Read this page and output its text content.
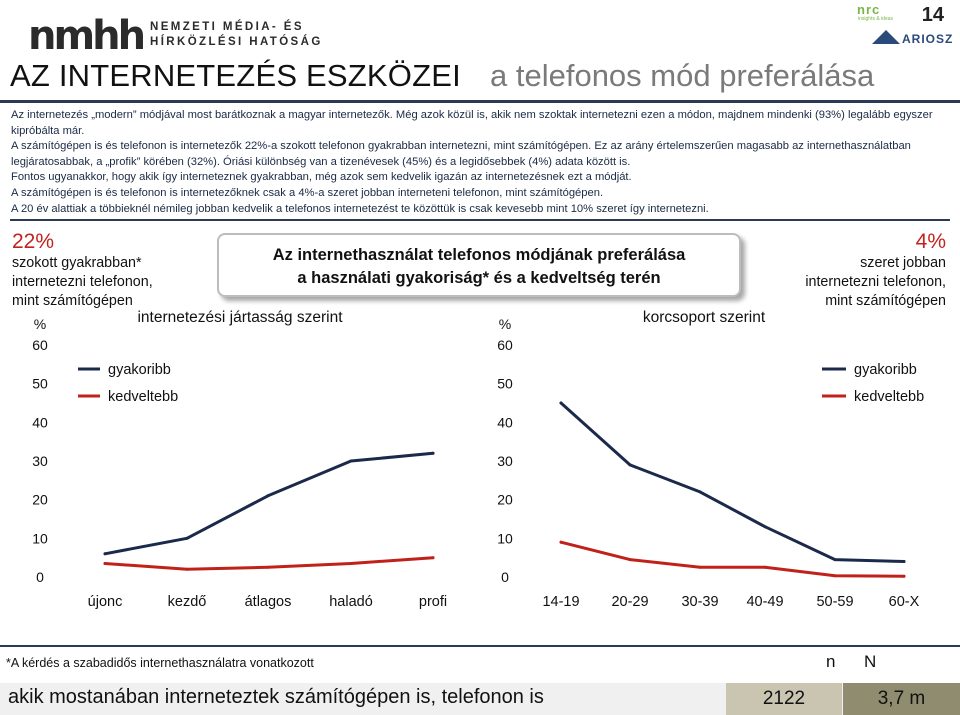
nmhh NEMZETI MÉDIA- ÉS
HÍRKÖZLÉSI HATÓSÁG
nrc
insights & ideas
ARIOSZ
14
AZ INTERNETEZÉS ESZKÖZEI a telefonos mód preferálása

Az internetezés „modern” módjával most barátkoznak a magyar internetezők. Még azok közül is, akik nem szoktak internetezni ezen a módon, majdnem mindenki (93%) legalább egyszer kipróbálta már.

A számítógépen is és telefonon is internetezők 22%-a szokott telefonon gyakrabban internetezni, mint számítógépen. Ez az arány értelemszerűen magasabb az internethasználatban legjáratosabbak, a „profik” körében (32%). Óriási különbség van a tizenévesek (45%) és a legidősebbek (4%) adata között is.

Fontos ugyanakkor, hogy akik így interneteznek gyakrabban, még azok sem kedvelik igazán az internetezésnek ezt a módját.

A számítógépen is és telefonon is internetezőknek csak a 4%-a szeret jobban interneteni telefonon, mint számítógépen.

A 20 év alattiak a többieknél némileg jobban kedvelik a telefonos internetezést te közöttük is csak kevesebb mint 10% szeret így internetezni.

22%
szokott gyakrabban*
internetezni telefonon,
mint számítógépen
4%
szeret jobban
internetezni telefonon,
mint számítógépen
Az internethasználat telefonos módjának preferálása
a használati gyakoriság* és a kedveltség terén
%	internetezési jártasság szerint
0
10
20
30
40
50
60
újonc	kezdő	átlagos	haladó	profi
gyakoribb
kedveltebb
%	korcsoport szerint
0
10
20
30
40
50
60
14-19 20-29 30-39 40-49 50-59 60-X
gyakoribb
kedveltebb
*A kérdés a szabadidős internethasználatra vonatkozott	n N
akik mostanában interneteztek számítógépen is, telefonon is	2122	3,7 m
